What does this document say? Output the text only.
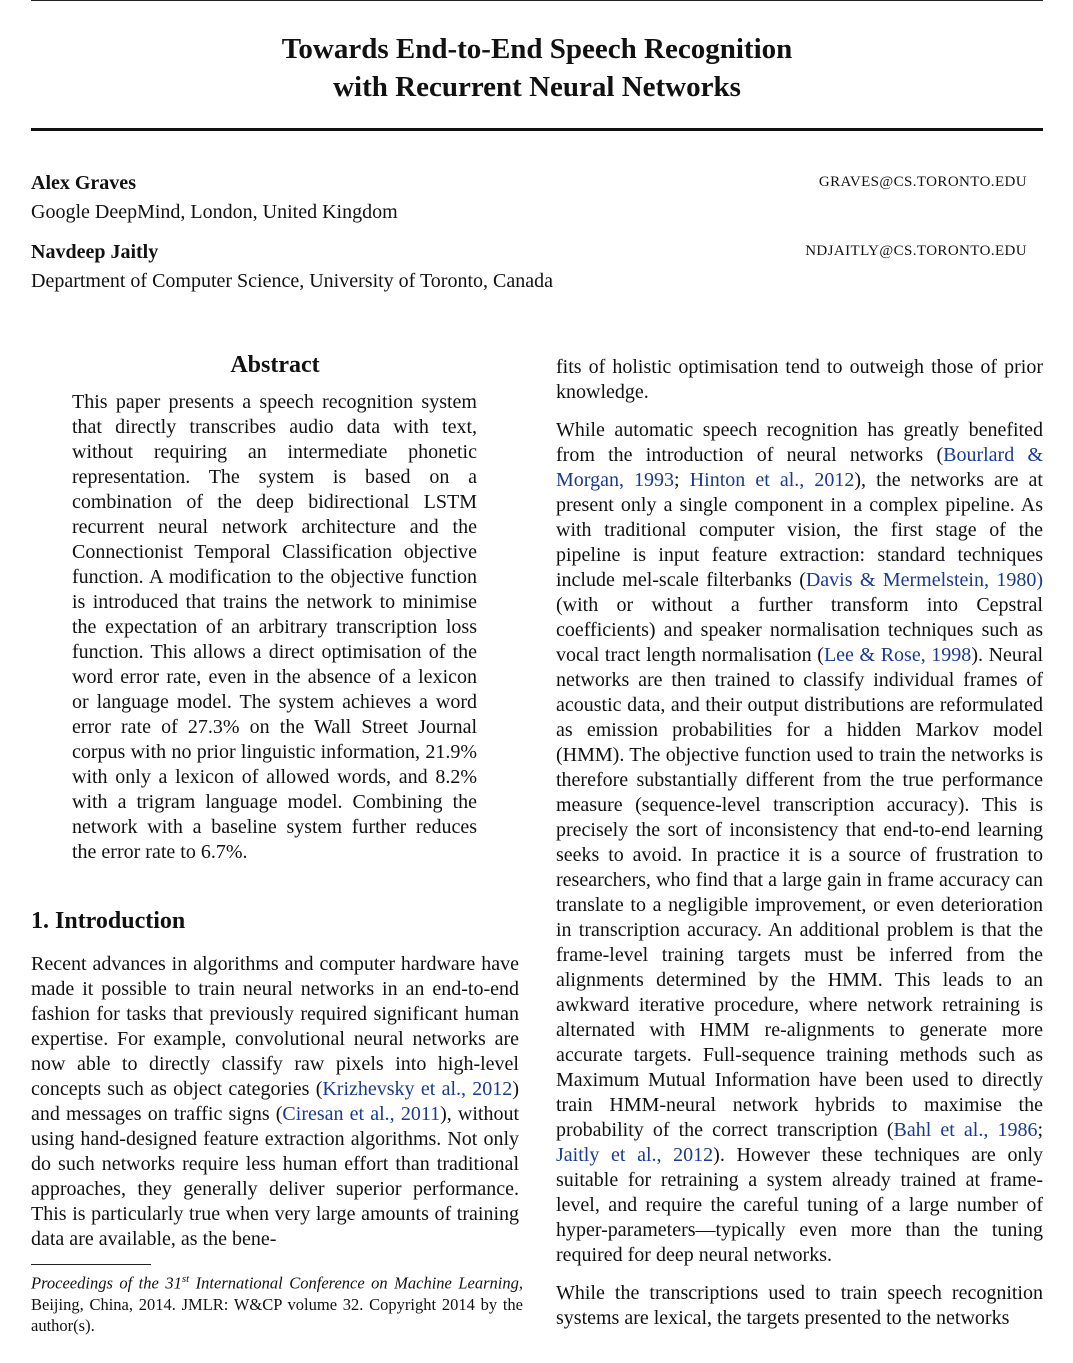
Towards End-to-End Speech Recognition
with Recurrent Neural Networks
Alex Graves	GRAVES@CS.TORONTO.EDU
Google DeepMind, London, United Kingdom
Navdeep Jaitly	NDJAITLY@CS.TORONTO.EDU
Department of Computer Science, University of Toronto, Canada
Abstract
This paper presents a speech recognition system that directly transcribes audio data with text, without requiring an intermediate phonetic representation. The system is based on a combination of the deep bidirectional LSTM recurrent neural network architecture and the Connectionist Temporal Classification objective function. A modification to the objective function is introduced that trains the network to minimise the expectation of an arbitrary transcription loss function. This allows a direct optimisation of the word error rate, even in the absence of a lexicon or language model. The system achieves a word error rate of 27.3% on the Wall Street Journal corpus with no prior linguistic information, 21.9% with only a lexicon of allowed words, and 8.2% with a trigram language model. Combining the network with a baseline system further reduces the error rate to 6.7%.
1. Introduction

Recent advances in algorithms and computer hardware have made it possible to train neural networks in an end-to-end fashion for tasks that previously required significant human expertise. For example, convolutional neural networks are now able to directly classify raw pixels into high-level concepts such as object categories (Krizhevsky et al., 2012) and messages on traffic signs (Ciresan et al., 2011), without using hand-designed feature extraction algorithms. Not only do such networks require less human effort than traditional approaches, they generally deliver superior performance. This is particularly true when very large amounts of training data are available, as the bene-

Proceedings of the 31st International Conference on Machine Learning, Beijing, China, 2014. JMLR: W&CP volume 32. Copyright 2014 by the author(s).

fits of holistic optimisation tend to outweigh those of prior knowledge.

While automatic speech recognition has greatly benefited from the introduction of neural networks (Bourlard & Morgan, 1993; Hinton et al., 2012), the networks are at present only a single component in a complex pipeline. As with traditional computer vision, the first stage of the pipeline is input feature extraction: standard techniques include mel-scale filterbanks (Davis & Mermelstein, 1980) (with or without a further transform into Cepstral coefficients) and speaker normalisation techniques such as vocal tract length normalisation (Lee & Rose, 1998). Neural networks are then trained to classify individual frames of acoustic data, and their output distributions are reformulated as emission probabilities for a hidden Markov model (HMM). The objective function used to train the networks is therefore substantially different from the true performance measure (sequence-level transcription accuracy). This is precisely the sort of inconsistency that end-to-end learning seeks to avoid. In practice it is a source of frustration to researchers, who find that a large gain in frame accuracy can translate to a negligible improvement, or even deterioration in transcription accuracy. An additional problem is that the frame-level training targets must be inferred from the alignments determined by the HMM. This leads to an awkward iterative procedure, where network retraining is alternated with HMM re-alignments to generate more accurate targets. Full-sequence training methods such as Maximum Mutual Information have been used to directly train HMM-neural network hybrids to maximise the probability of the correct transcription (Bahl et al., 1986; Jaitly et al., 2012). However these techniques are only suitable for retraining a system already trained at frame-level, and require the careful tuning of a large number of hyper-parameters—typically even more than the tuning required for deep neural networks.

While the transcriptions used to train speech recognition systems are lexical, the targets presented to the networks
